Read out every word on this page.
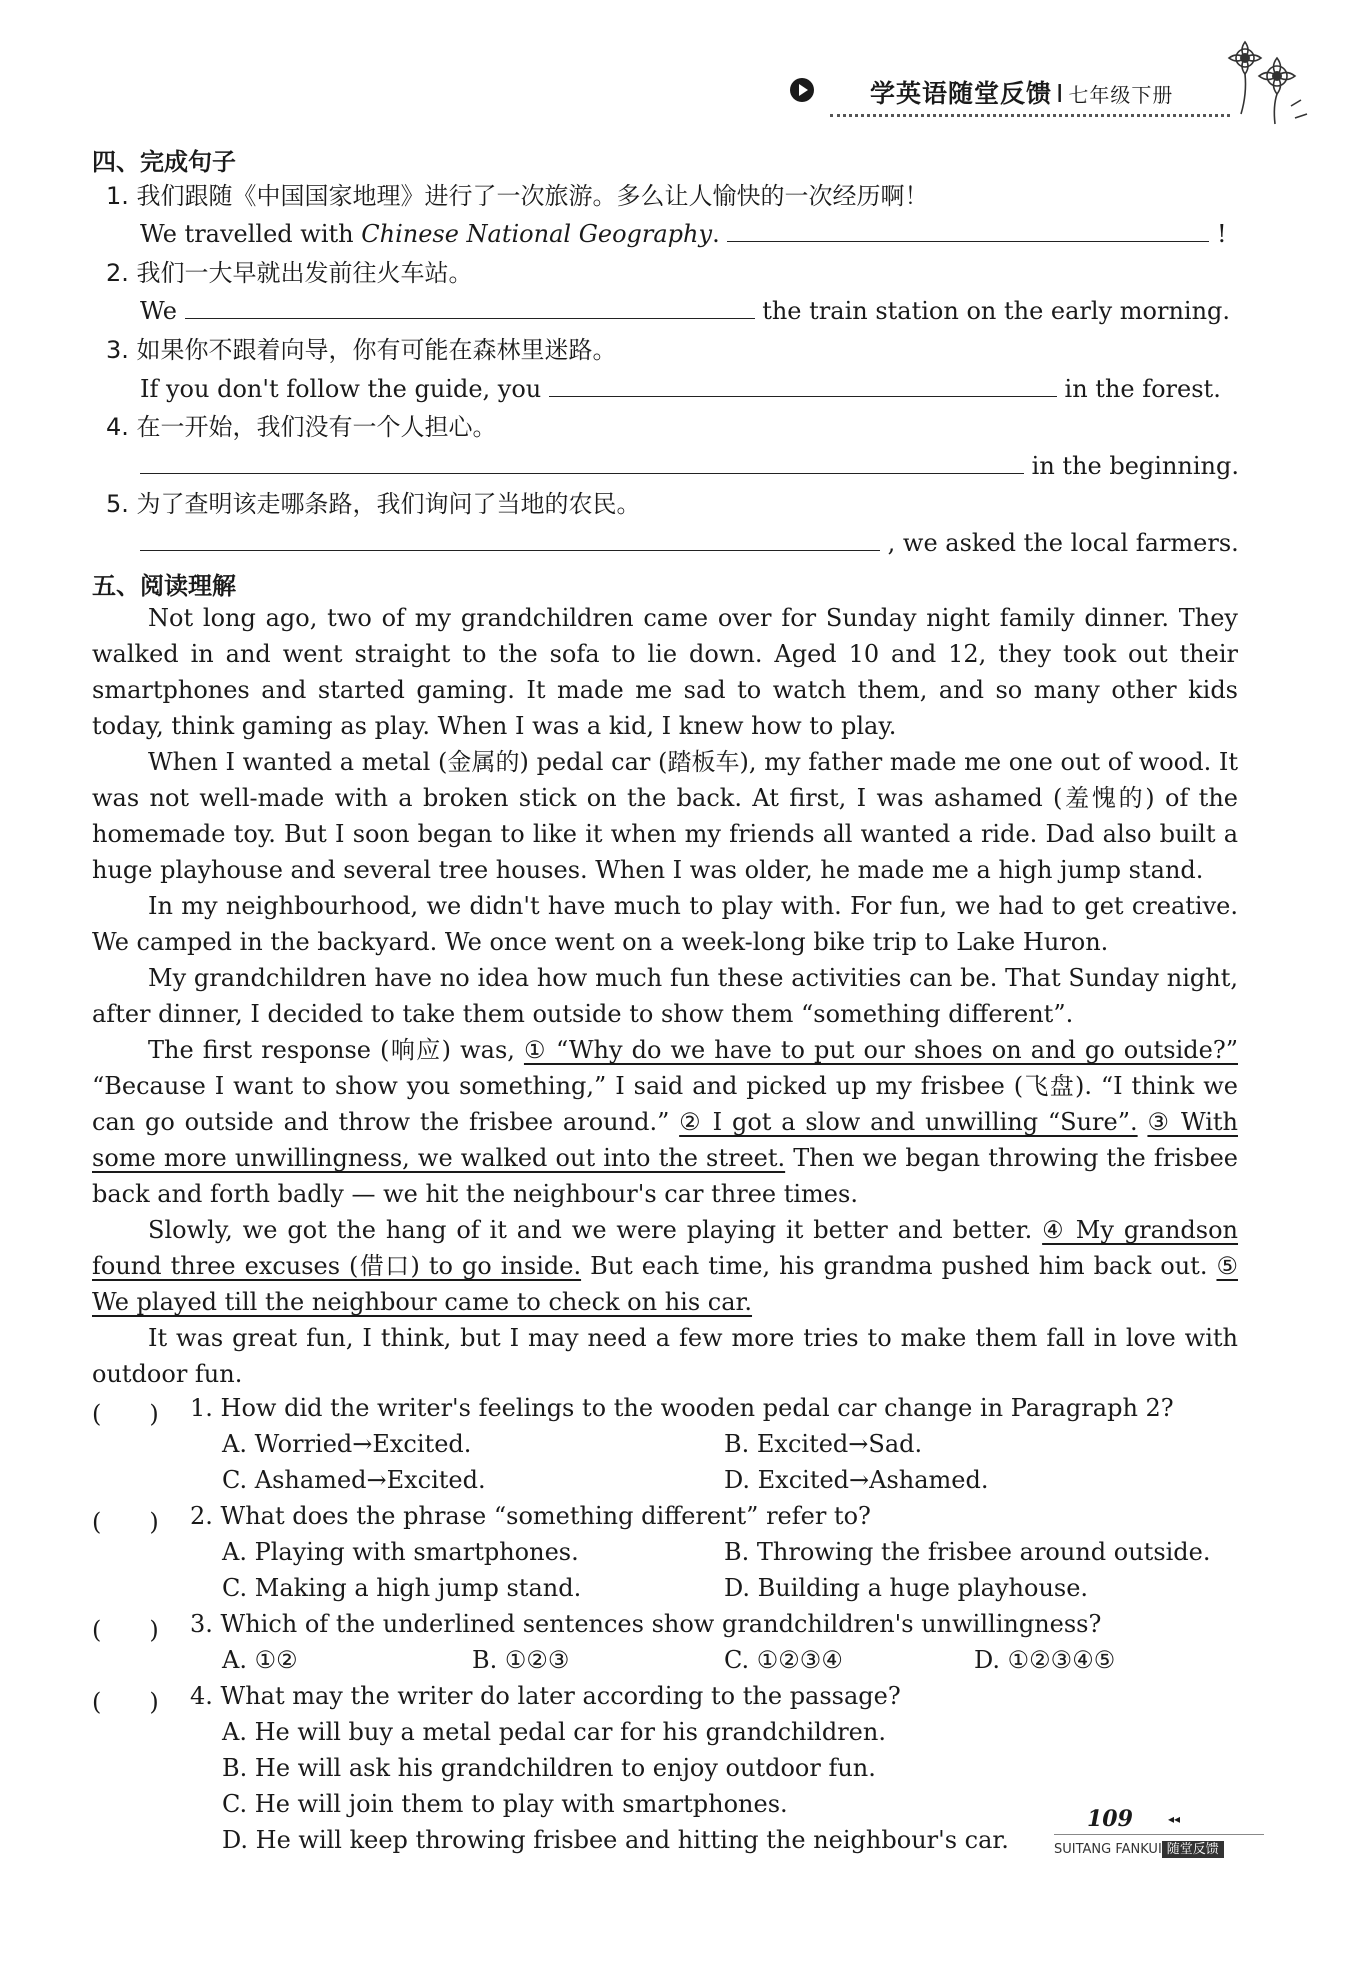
学英语随堂反馈 I 七年级下册
四、完成句子
1. 我们跟随《中国国家地理》进行了一次旅游。多么让人愉快的一次经历啊！
We travelled with Chinese National Geography.	!
2. 我们一大早就出发前往火车站。
We	the train station on the early morning.
3. 如果你不跟着向导，你有可能在森林里迷路。
If you don't follow the guide, you	in the forest.
4. 在一开始，我们没有一个人担心。
in the beginning.
5. 为了查明该走哪条路，我们询问了当地的农民。
, we asked the local farmers.
五、阅读理解

Not long ago, two of my grandchildren came over for Sunday night family dinner. They walked in and went straight to the sofa to lie down. Aged 10 and 12, they took out their smartphones and started gaming. It made me sad to watch them, and so many other kids today, think gaming as play. When I was a kid, I knew how to play.

When I wanted a metal (金属的) pedal car (踏板车), my father made me one out of wood. It was not well-made with a broken stick on the back. At first, I was ashamed (羞愧的) of the homemade toy. But I soon began to like it when my friends all wanted a ride. Dad also built a huge playhouse and several tree houses. When I was older, he made me a high jump stand.

In my neighbourhood, we didn't have much to play with. For fun, we had to get creative. We camped in the backyard. We once went on a week-long bike trip to Lake Huron.

My grandchildren have no idea how much fun these activities can be. That Sunday night, after dinner, I decided to take them outside to show them “something different”.

The first response (响应) was, ① “Why do we have to put our shoes on and go outside?” “Because I want to show you something,” I said and picked up my frisbee (飞盘). “I think we can go outside and throw the frisbee around.” ② I got a slow and unwilling “Sure”. ③ With some more unwillingness, we walked out into the street. Then we began throwing the frisbee back and forth badly — we hit the neighbour's car three times.

Slowly, we got the hang of it and we were playing it better and better. ④ My grandson found three excuses (借口) to go inside. But each time, his grandma pushed him back out. ⑤ We played till the neighbour came to check on his car.

It was great fun, I think, but I may need a few more tries to make them fall in love with outdoor fun.

(　　) 1. How did the writer's feelings to the wooden pedal car change in Paragraph 2?
A. Worried→Excited.	B. Excited→Sad.
C. Ashamed→Excited.	D. Excited→Ashamed.
(　　) 2. What does the phrase “something different” refer to?
A. Playing with smartphones.	B. Throwing the frisbee around outside.
C. Making a high jump stand.	D. Building a huge playhouse.
(　　) 3. Which of the underlined sentences show grandchildren's unwillingness?
A. ①②	B. ①②③	C. ①②③④	D. ①②③④⑤
(　　) 4. What may the writer do later according to the passage?
A. He will buy a metal pedal car for his grandchildren.
B. He will ask his grandchildren to enjoy outdoor fun.
C. He will join them to play with smartphones.
D. He will keep throwing frisbee and hitting the neighbour's car.
109	◂◂
SUITANG FANKUI 随堂反馈
